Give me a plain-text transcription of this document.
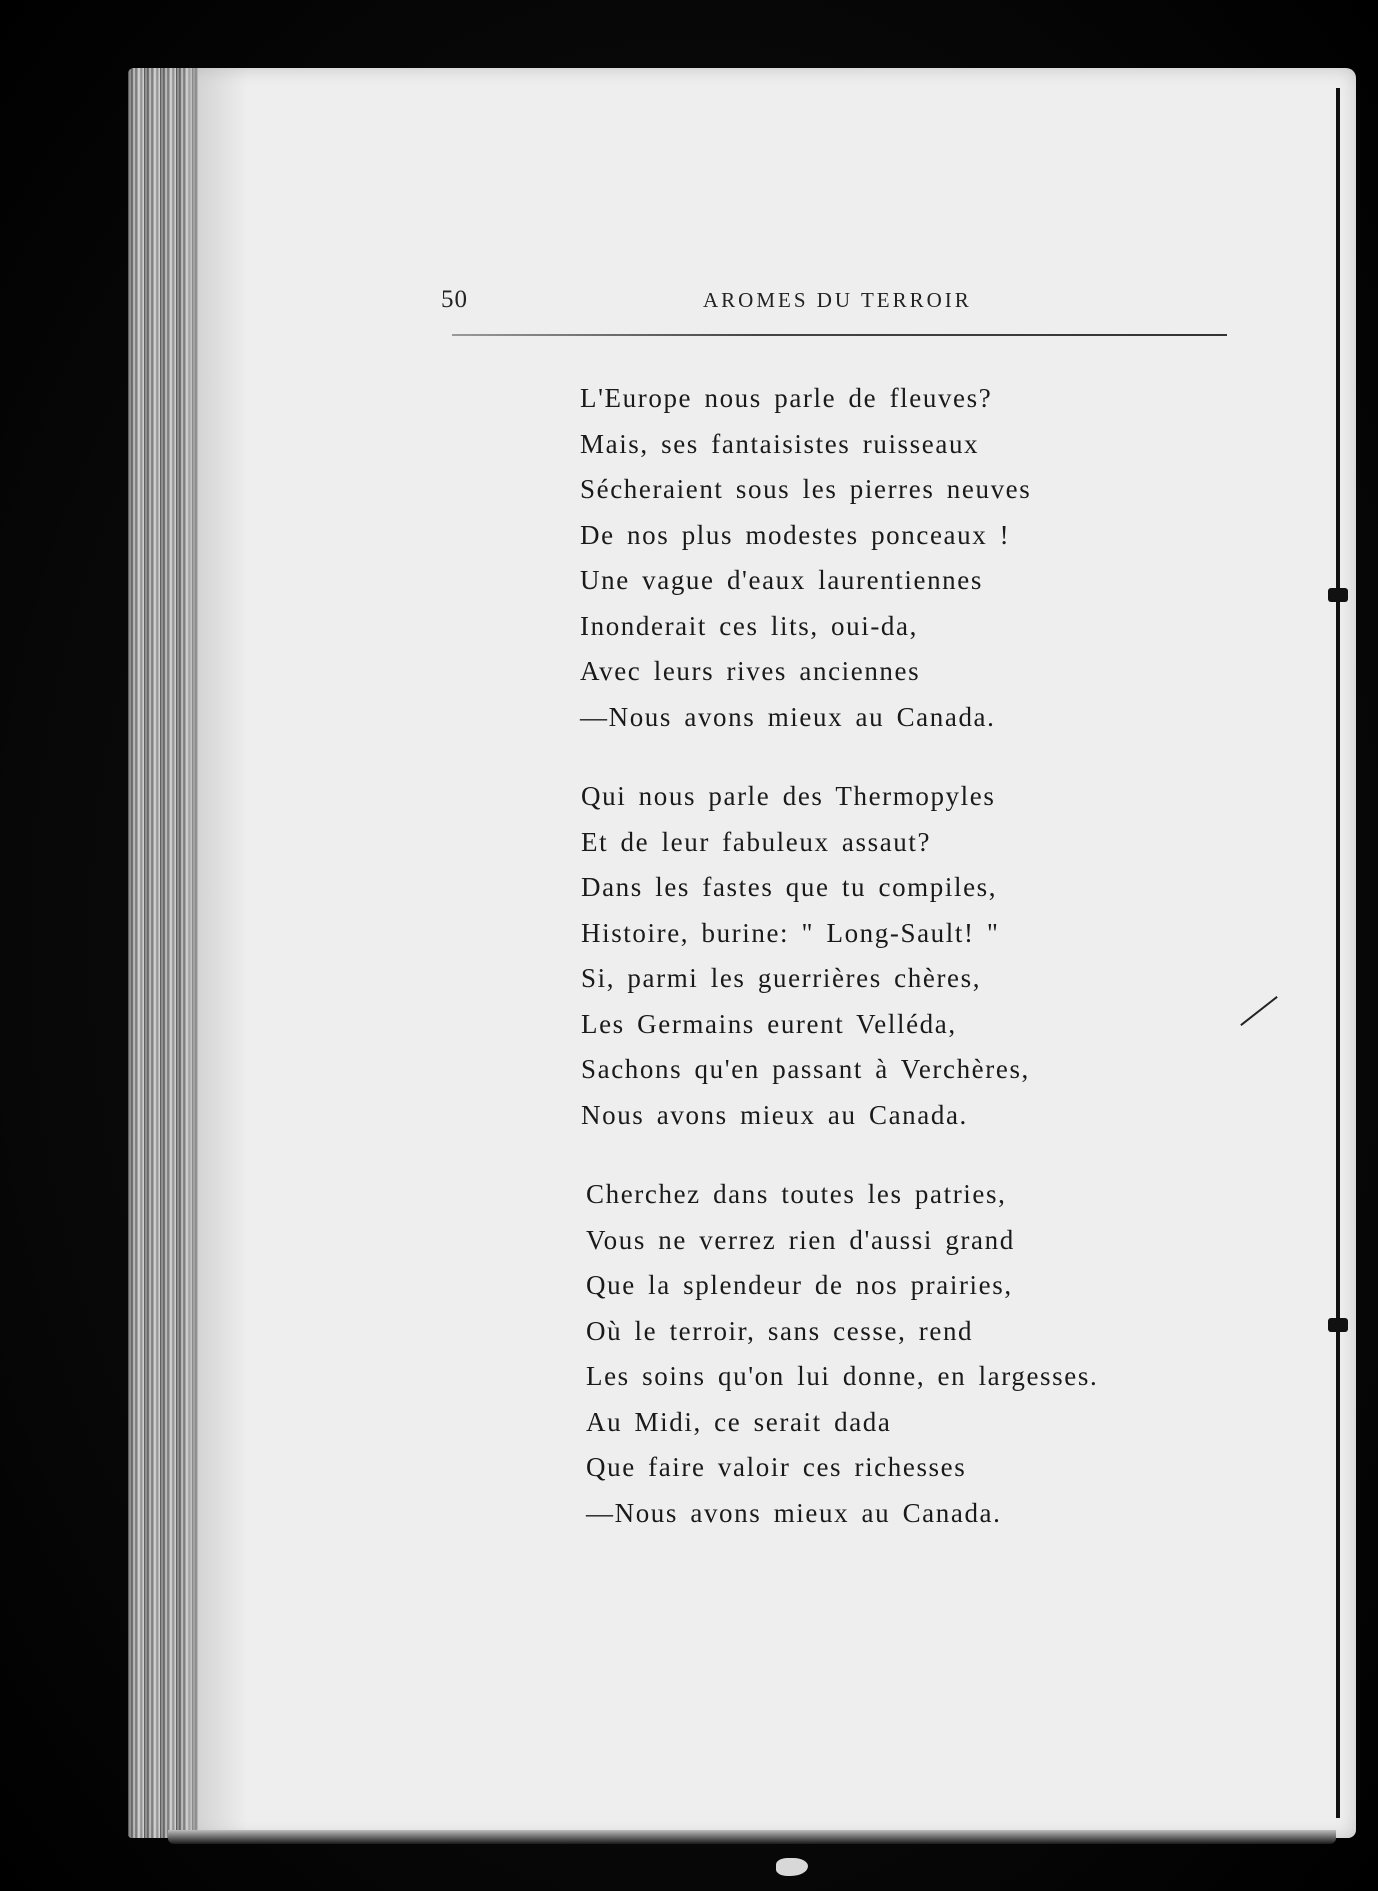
50	AROMES DU TERROIR
L'Europe nous parle de fleuves?
Mais, ses fantaisistes ruisseaux
Sécheraient sous les pierres neuves
De nos plus modestes ponceaux !
Une vague d'eaux laurentiennes
Inonderait ces lits, oui-da,
Avec leurs rives anciennes
—Nous avons mieux au Canada.
Qui nous parle des Thermopyles
Et de leur fabuleux assaut?
Dans les fastes que tu compiles,
Histoire, burine: " Long-Sault! "
Si, parmi les guerrières chères,
Les Germains eurent Velléda,
Sachons qu'en passant à Verchères,
Nous avons mieux au Canada.
Cherchez dans toutes les patries,
Vous ne verrez rien d'aussi grand
Que la splendeur de nos prairies,
Où le terroir, sans cesse, rend
Les soins qu'on lui donne, en largesses.
Au Midi, ce serait dada
Que faire valoir ces richesses
—Nous avons mieux au Canada.
